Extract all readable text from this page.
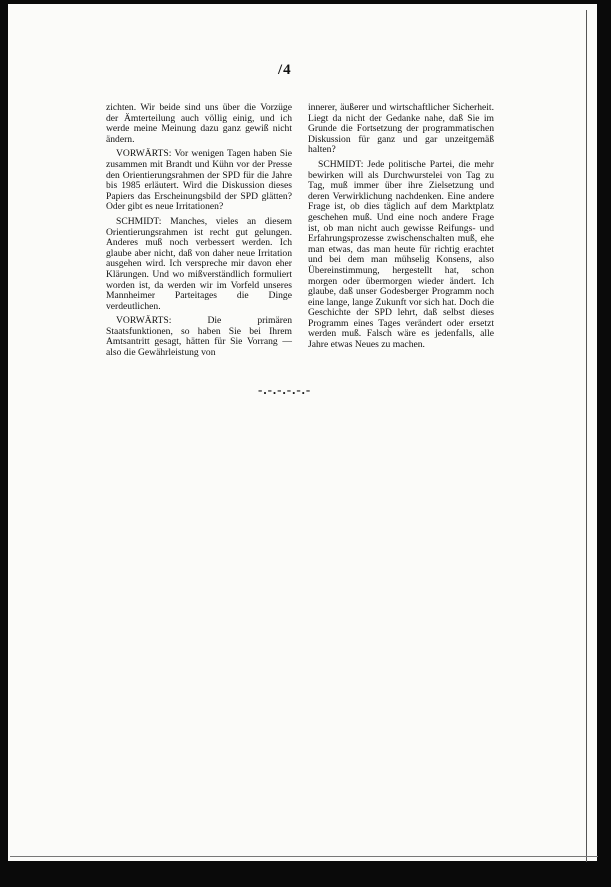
/4

zichten. Wir beide sind uns über die Vorzüge der Ämterteilung auch völlig einig, und ich werde meine Meinung dazu ganz gewiß nicht ändern.

VORWÄRTS: Vor wenigen Tagen haben Sie zusammen mit Brandt und Kühn vor der Presse den Orientierungsrahmen der SPD für die Jahre bis 1985 erläutert. Wird die Diskussion dieses Papiers das Erscheinungsbild der SPD glätten? Oder gibt es neue Irritationen?

SCHMIDT: Manches, vieles an diesem Orientierungsrahmen ist recht gut gelungen. Anderes muß noch verbessert werden. Ich glaube aber nicht, daß von daher neue Irritation ausgehen wird. Ich verspreche mir davon eher Klärungen. Und wo mißverständlich formuliert worden ist, da werden wir im Vorfeld unseres Mannheimer Parteitages die Dinge verdeutlichen.

VORWÄRTS: Die primären Staatsfunktionen, so haben Sie bei Ihrem Amtsantritt gesagt, hätten für Sie Vorrang — also die Gewährleistung von

innerer, äußerer und wirtschaftlicher Sicherheit. Liegt da nicht der Gedanke nahe, daß Sie im Grunde die Fortsetzung der programmatischen Diskussion für ganz und gar unzeitgemäß halten?

SCHMIDT: Jede politische Partei, die mehr bewirken will als Durchwurstelei von Tag zu Tag, muß immer über ihre Zielsetzung und deren Verwirklichung nachdenken. Eine andere Frage ist, ob dies täglich auf dem Marktplatz geschehen muß. Und eine noch andere Frage ist, ob man nicht auch gewisse Reifungs- und Erfahrungsprozesse zwischenschalten muß, ehe man etwas, das man heute für richtig erachtet und bei dem man mühselig Konsens, also Übereinstimmung, hergestellt hat, schon morgen oder übermorgen wieder ändert. Ich glaube, daß unser Godesberger Programm noch eine lange, lange Zukunft vor sich hat. Doch die Geschichte der SPD lehrt, daß selbst dieses Programm eines Tages verändert oder ersetzt werden muß. Falsch wäre es jedenfalls, alle Jahre etwas Neues zu machen.

-.-.-.-.-.-
